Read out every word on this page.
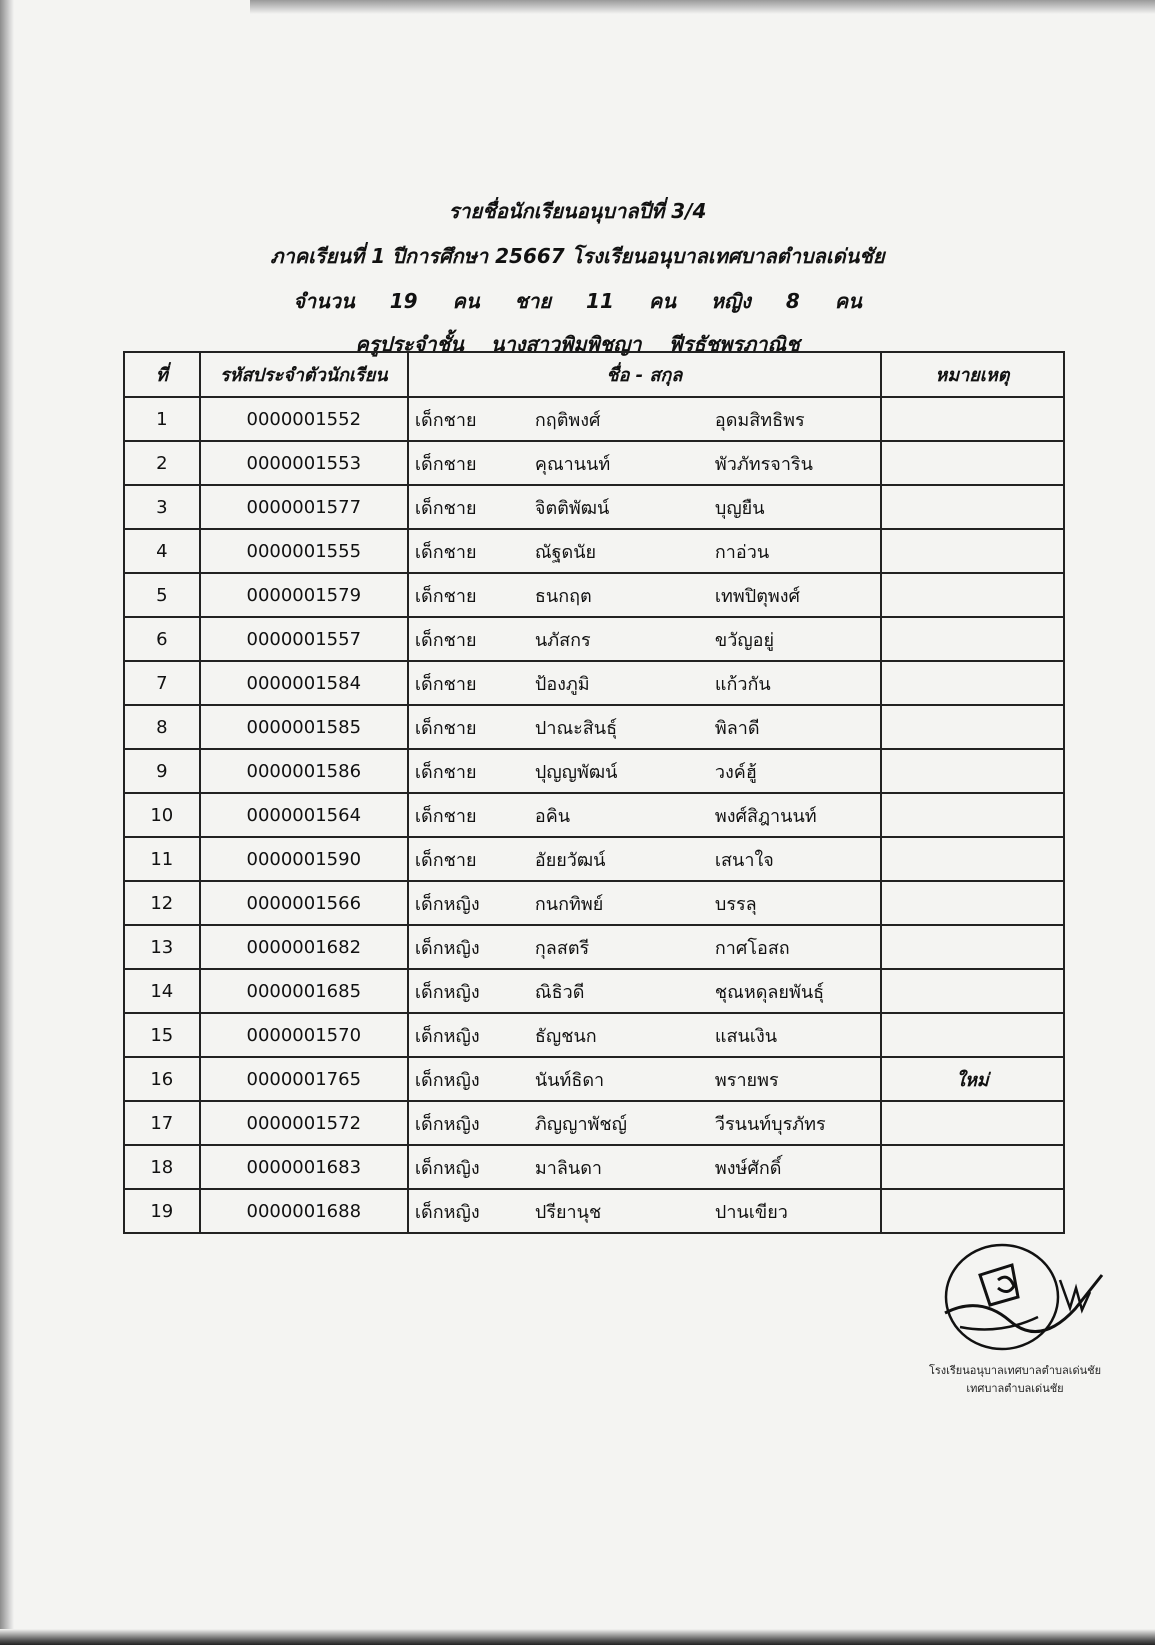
รายชื่อนักเรียนอนุบาลปีที่ 3/4
ภาคเรียนที่ 1 ปีการศึกษา 25667 โรงเรียนอนุบาลเทศบาลตำบลเด่นชัย
จำนวน 19 คน ชาย 11 คน หญิง 8 คน
ครูประจำชั้น นางสาวพิมพิชญา ฟีรธัชพรภาณิช
ที่	รหัสประจำตัวนักเรียน	ชื่อ - สกุล	หมายเหตุ
1	0000001552	เด็กชาย กฤติพงศ์ อุดมสิทธิพร	

2	0000001553	เด็กชาย คุณานนท์ พัวภัทรจาริน	

3	0000001577	เด็กชาย จิตติพัฒน์ บุญยืน	

4	0000001555	เด็กชาย ณัฐดนัย กาอ่วน	

5	0000001579	เด็กชาย ธนกฤต เทพปิตุพงศ์	

6	0000001557	เด็กชาย นภัสกร ขวัญอยู่	

7	0000001584	เด็กชาย ป้องภูมิ แก้วกัน	

8	0000001585	เด็กชาย ปาณะสินธุ์ พิลาดี	

9	0000001586	เด็กชาย ปุญญพัฒน์ วงค์ฮู้	

10	0000001564	เด็กชาย อคิน พงศ์สิฎานนท์	

11	0000001590	เด็กชาย อัยยวัฒน์ เสนาใจ	

12	0000001566	เด็กหญิง กนกทิพย์ บรรลุ	

13	0000001682	เด็กหญิง กุลสตรี กาศโอสถ	

14	0000001685	เด็กหญิง ณิธิวดี ชุณหดุลยพันธุ์	

15	0000001570	เด็กหญิง ธัญชนก แสนเงิน	

16	0000001765	เด็กหญิง นันท์ธิดา พรายพร	ใหม่
17	0000001572	เด็กหญิง ภิญญาพัชญ์ วีรนนท์บุรภัทร	

18	0000001683	เด็กหญิง มาลินดา พงษ์ศักดิ์	

19	0000001688	เด็กหญิง ปรียานุช ปานเขียว	

โรงเรียนอนุบาลเทศบาลตำบลเด่นชัย
เทศบาลตำบลเด่นชัย
